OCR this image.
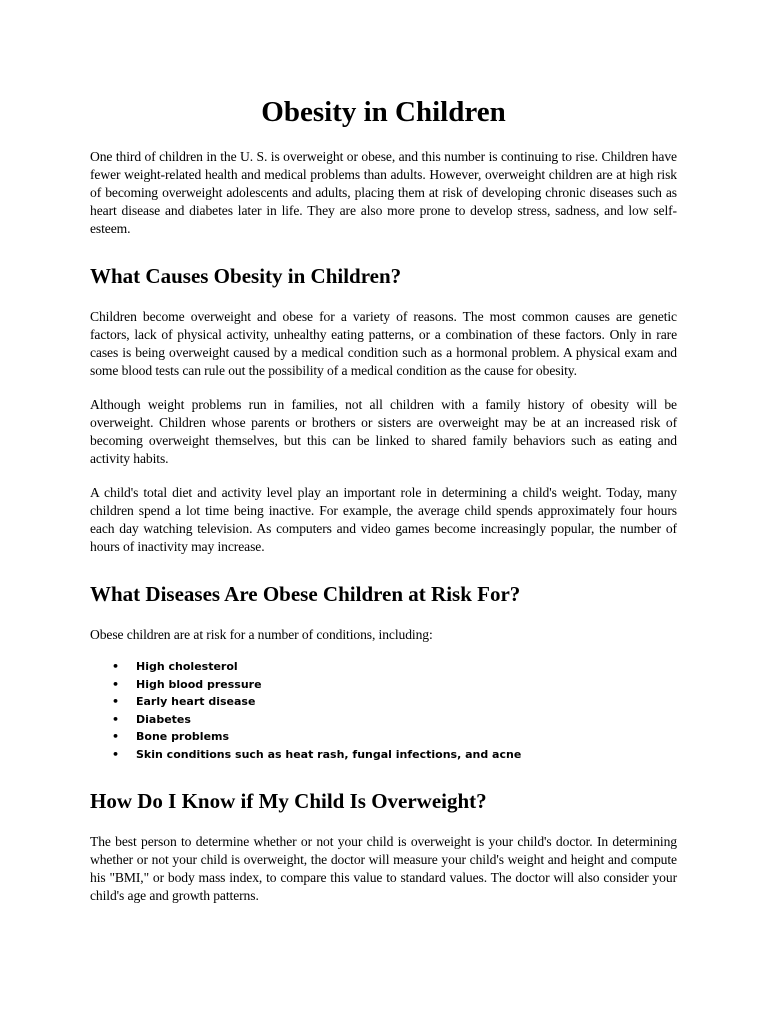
Obesity in Children

One third of children in the U. S. is overweight or obese, and this number is continuing to rise. Children have fewer weight-related health and medical problems than adults. However, overweight children are at high risk of becoming overweight adolescents and adults, placing them at risk of developing chronic diseases such as heart disease and diabetes later in life. They are also more prone to develop stress, sadness, and low self-esteem.

What Causes Obesity in Children?

Children become overweight and obese for a variety of reasons. The most common causes are genetic factors, lack of physical activity, unhealthy eating patterns, or a combination of these factors. Only in rare cases is being overweight caused by a medical condition such as a hormonal problem. A physical exam and some blood tests can rule out the possibility of a medical condition as the cause for obesity.

Although weight problems run in families, not all children with a family history of obesity will be overweight. Children whose parents or brothers or sisters are overweight may be at an increased risk of becoming overweight themselves, but this can be linked to shared family behaviors such as eating and activity habits.

A child's total diet and activity level play an important role in determining a child's weight. Today, many children spend a lot time being inactive. For example, the average child spends approximately four hours each day watching television. As computers and video games become increasingly popular, the number of hours of inactivity may increase.

What Diseases Are Obese Children at Risk For?

Obese children are at risk for a number of conditions, including:

• High cholesterol
• High blood pressure
• Early heart disease
• Diabetes
• Bone problems
• Skin conditions such as heat rash, fungal infections, and acne
How Do I Know if My Child Is Overweight?

The best person to determine whether or not your child is overweight is your child's doctor. In determining whether or not your child is overweight, the doctor will measure your child's weight and height and compute his "BMI," or body mass index, to compare this value to standard values. The doctor will also consider your child's age and growth patterns.
